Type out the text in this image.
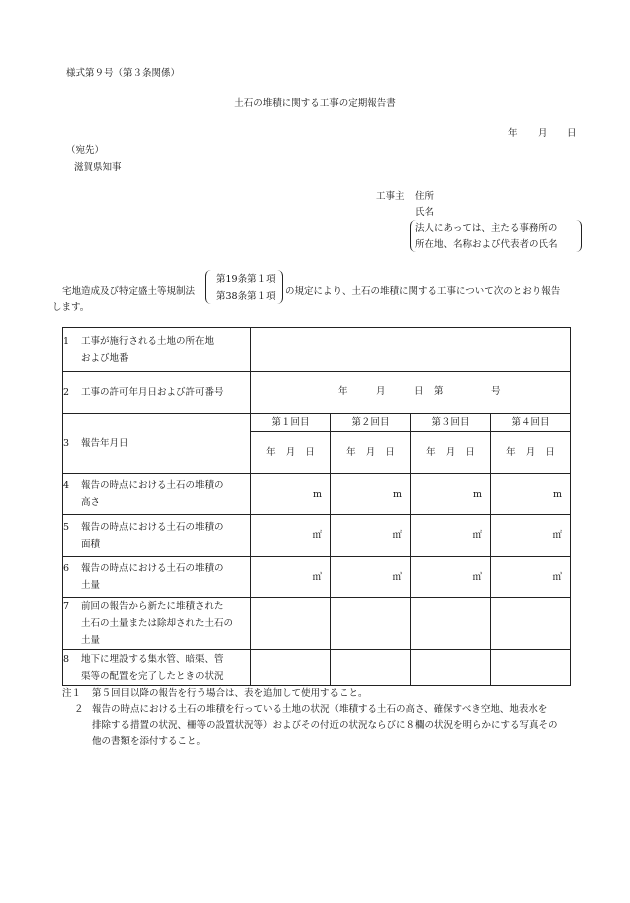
様式第９号（第３条関係）
土石の堆積に関する工事の定期報告書
年 月 日
（宛先）
滋賀県知事
工事主 住所
氏名
法人にあっては、主たる事務所の
所在地、名称および代表者の氏名
宅地造成及び特定盛土等規制法
第19条第１項
第38条第１項 の規定により、土石の堆積に関する工事について次のとおり報告
します。
1 工事が施行される土地の所在地
および地番				

2 工事の許可年月日および許可番号	年 月 日 第 号			

3 報告年月日	第１回目	第２回目	第３回目	第４回目

	年 月 日	年 月 日	年 月 日	年 月 日

4 報告の時点における土石の堆積の
高さ	m	m	m	m

5 報告の時点における土石の堆積の
面積	㎡	㎡	㎡	㎡

6 報告の時点における土石の堆積の
土量	㎥	㎥	㎥	㎥

7 前回の報告から新たに堆積された
土石の土量または除却された土石の
土量				

8 地下に埋設する集水管、暗渠、管
渠等の配置を完了したときの状況				

注１	第５回目以降の報告を行う場合は、表を追加して使用すること。
２ 報告の時点における土石の堆積を行っている土地の状況（堆積する土石の高さ、確保すべき空地、地表水を
排除する措置の状況、柵等の設置状況等）およびその付近の状況ならびに８欄の状況を明らかにする写真その
他の書類を添付すること。
